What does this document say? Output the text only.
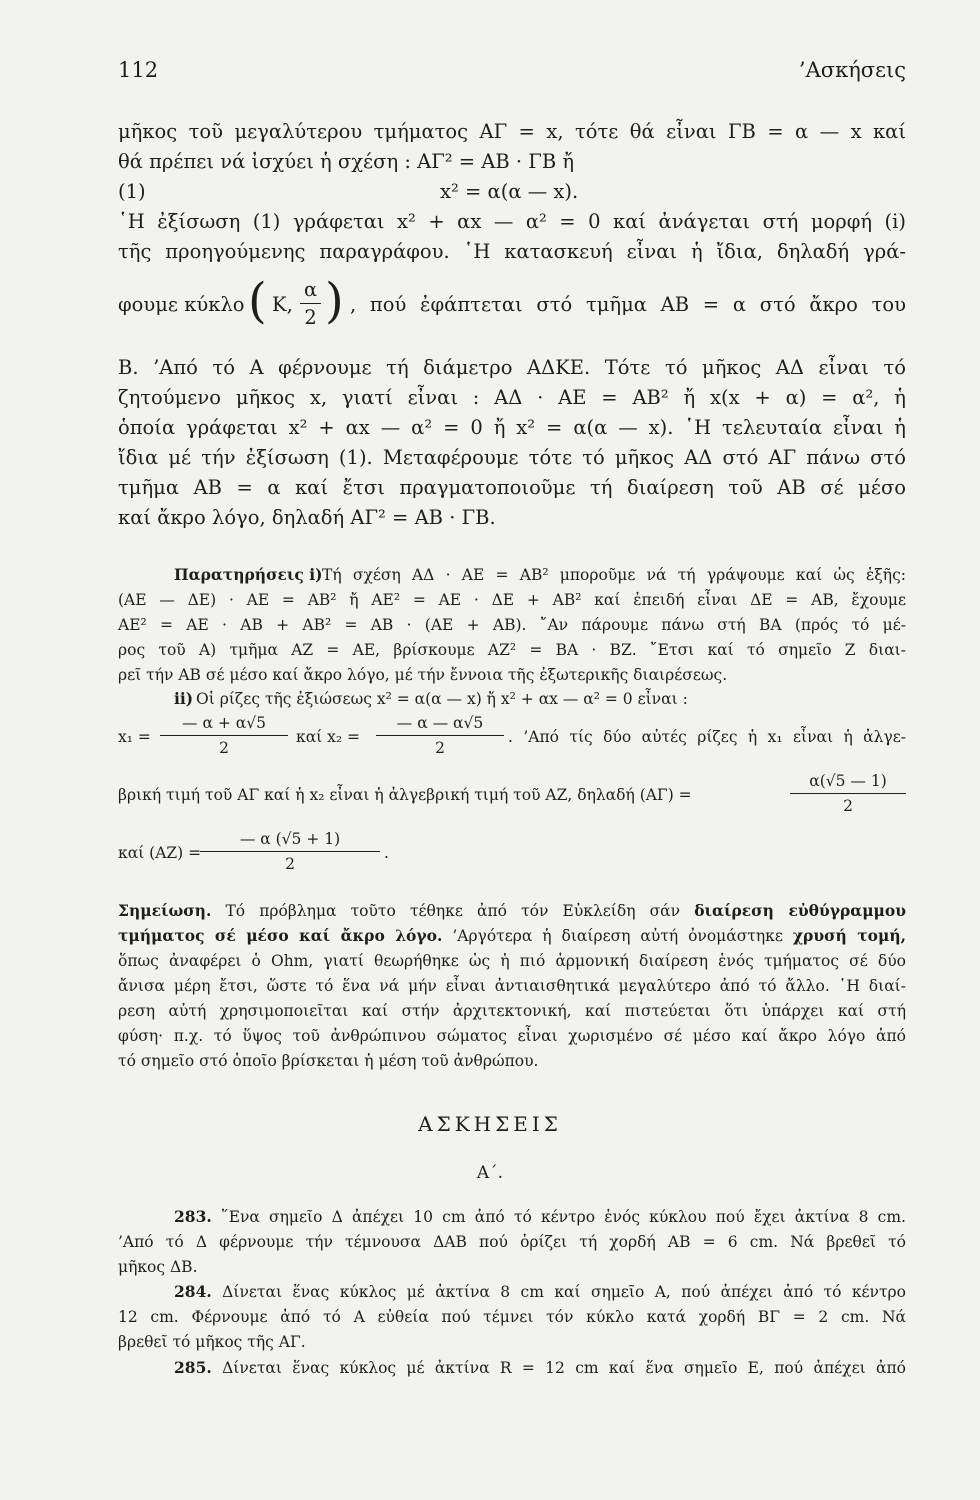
112	’Ασκήσεις
μῆκος τοῦ μεγαλύτερου τμήματος ΑΓ = x, τότε θά εἶναι ΓΒ = α — x καί
θά πρέπει νά ἰσχύει ἡ σχέση : ΑΓ² = ΑΒ · ΓΒ ἤ
(1)	x² = α(α — x).
῾Η ἐξίσωση (1) γράφεται x² + αx — α² = 0 καί ἀνάγεται στή μορφή (i)
τῆς προηγούμενης παραγράφου. ῾Η κατασκευή εἶναι ἡ ἴδια, δηλαδή γρά-
φουμε κύκλο ( Κ, $\frac{\alpha}{2}$ ) , πού ἐφάπτεται στό τμῆμα ΑΒ = α στό ἄκρο του
Β. ’Από τό Α φέρνουμε τή διάμετρο ΑΔΚΕ. Τότε τό μῆκος ΑΔ εἶναι τό
ζητούμενο μῆκος x, γιατί εἶναι : ΑΔ · ΑΕ = ΑΒ² ἤ x(x + α) = α², ἡ
ὁποία γράφεται x² + αx — α² = 0 ἤ x² = α(α — x). ῾Η τελευταία εἶναι ἡ
ἴδια μέ τήν ἐξίσωση (1). Μεταφέρουμε τότε τό μῆκος ΑΔ στό ΑΓ πάνω στό
τμῆμα ΑΒ = α καί ἔτσι πραγματοποιοῦμε τή διαίρεση τοῦ ΑΒ σέ μέσο
καί ἄκρο λόγο, δηλαδή ΑΓ² = ΑΒ · ΓΒ.
Παρατηρήσεις i) Τή σχέση ΑΔ · ΑΕ = ΑΒ² μποροῦμε νά τή γράψουμε καί ὡς ἑξῆς:
(ΑΕ — ΔΕ) · ΑΕ = ΑΒ² ἤ ΑΕ² = ΑΕ · ΔΕ + ΑΒ² καί ἐπειδή εἶναι ΔΕ = ΑΒ, ἔχουμε
ΑΕ² = ΑΕ · ΑΒ + ΑΒ² = ΑΒ · (ΑΕ + ΑΒ). ῎Αν πάρουμε πάνω στή ΒΑ (πρός τό μέ-
ρος τοῦ Α) τμῆμα ΑΖ = ΑΕ, βρίσκουμε ΑΖ² = ΒΑ · ΒΖ. ῎Ετσι καί τό σημεῖο Ζ διαι-
ρεῖ τήν ΑΒ σέ μέσο καί ἄκρο λόγο, μέ τήν ἔννοια τῆς ἐξωτερικῆς διαιρέσεως.
ii) Οἱ ρίζες τῆς ἐξιώσεως x² = α(α — x) ἤ x² + αx — α² = 0 εἶναι :
$x_1 = \frac{— \alpha + \alpha√5}{2}$ καί $x_2 = \frac{— \alpha — \alpha√5}{2}$ . ’Από τίς δύο αὐτές ρίζες ἡ x₁ εἶναι ἡ ἀλγε-
βρική τιμή τοῦ ΑΓ καί ἡ x₂ εἶναι ἡ ἀλγεβρική τιμή τοῦ ΑΖ, δηλαδή (ΑΓ) =	$\frac{\alpha(√5 — 1)}{2}$
καί (ΑΖ) =
$\frac{— \alpha (√5 + 1)}{2}$ .
Σημείωση. Τό πρόβλημα τοῦτο τέθηκε ἀπό τόν Εὐκλείδη σάν διαίρεση εὐθύγραμμου
τμήματος σέ μέσο καί ἄκρο λόγο. ’Αργότερα ἡ διαίρεση αὐτή ὀνομάστηκε χρυσή τομή,
ὅπως ἀναφέρει ὁ Ohm, γιατί θεωρήθηκε ὡς ἡ πιό ἁρμονική διαίρεση ἑνός τμήματος σέ δύο
ἄνισα μέρη ἔτσι, ὥστε τό ἕνα νά μήν εἶναι ἀντιαισθητικά μεγαλύτερο ἀπό τό ἄλλο. ῾Η διαί-
ρεση αὐτή χρησιμοποιεῖται καί στήν ἀρχιτεκτονική, καί πιστεύεται ὅτι ὑπάρχει καί στή
φύση· π.χ. τό ὕψος τοῦ ἀνθρώπινου σώματος εἶναι χωρισμένο σέ μέσο καί ἄκρο λόγο ἀπό
τό σημεῖο στό ὁποῖο βρίσκεται ἡ μέση τοῦ ἀνθρώπου.
ΑΣΚΗΣΕΙΣ
Α΄.
283. ῞Ενα σημεῖο Δ ἀπέχει 10 cm ἀπό τό κέντρο ἑνός κύκλου πού ἔχει ἀκτίνα 8 cm.
’Από τό Δ φέρνουμε τήν τέμνουσα ΔΑΒ πού ὁρίζει τή χορδή ΑΒ = 6 cm. Νά βρεθεῖ τό
μῆκος ΔΒ.
284. Δίνεται ἕνας κύκλος μέ ἀκτίνα 8 cm καί σημεῖο Α, πού ἀπέχει ἀπό τό κέντρο
12 cm. Φέρνουμε ἀπό τό Α εὐθεία πού τέμνει τόν κύκλο κατά χορδή ΒΓ = 2 cm. Νά
βρεθεῖ τό μῆκος τῆς ΑΓ.
285. Δίνεται ἕνας κύκλος μέ ἀκτίνα R = 12 cm καί ἕνα σημεῖο Ε, πού ἀπέχει ἀπό
